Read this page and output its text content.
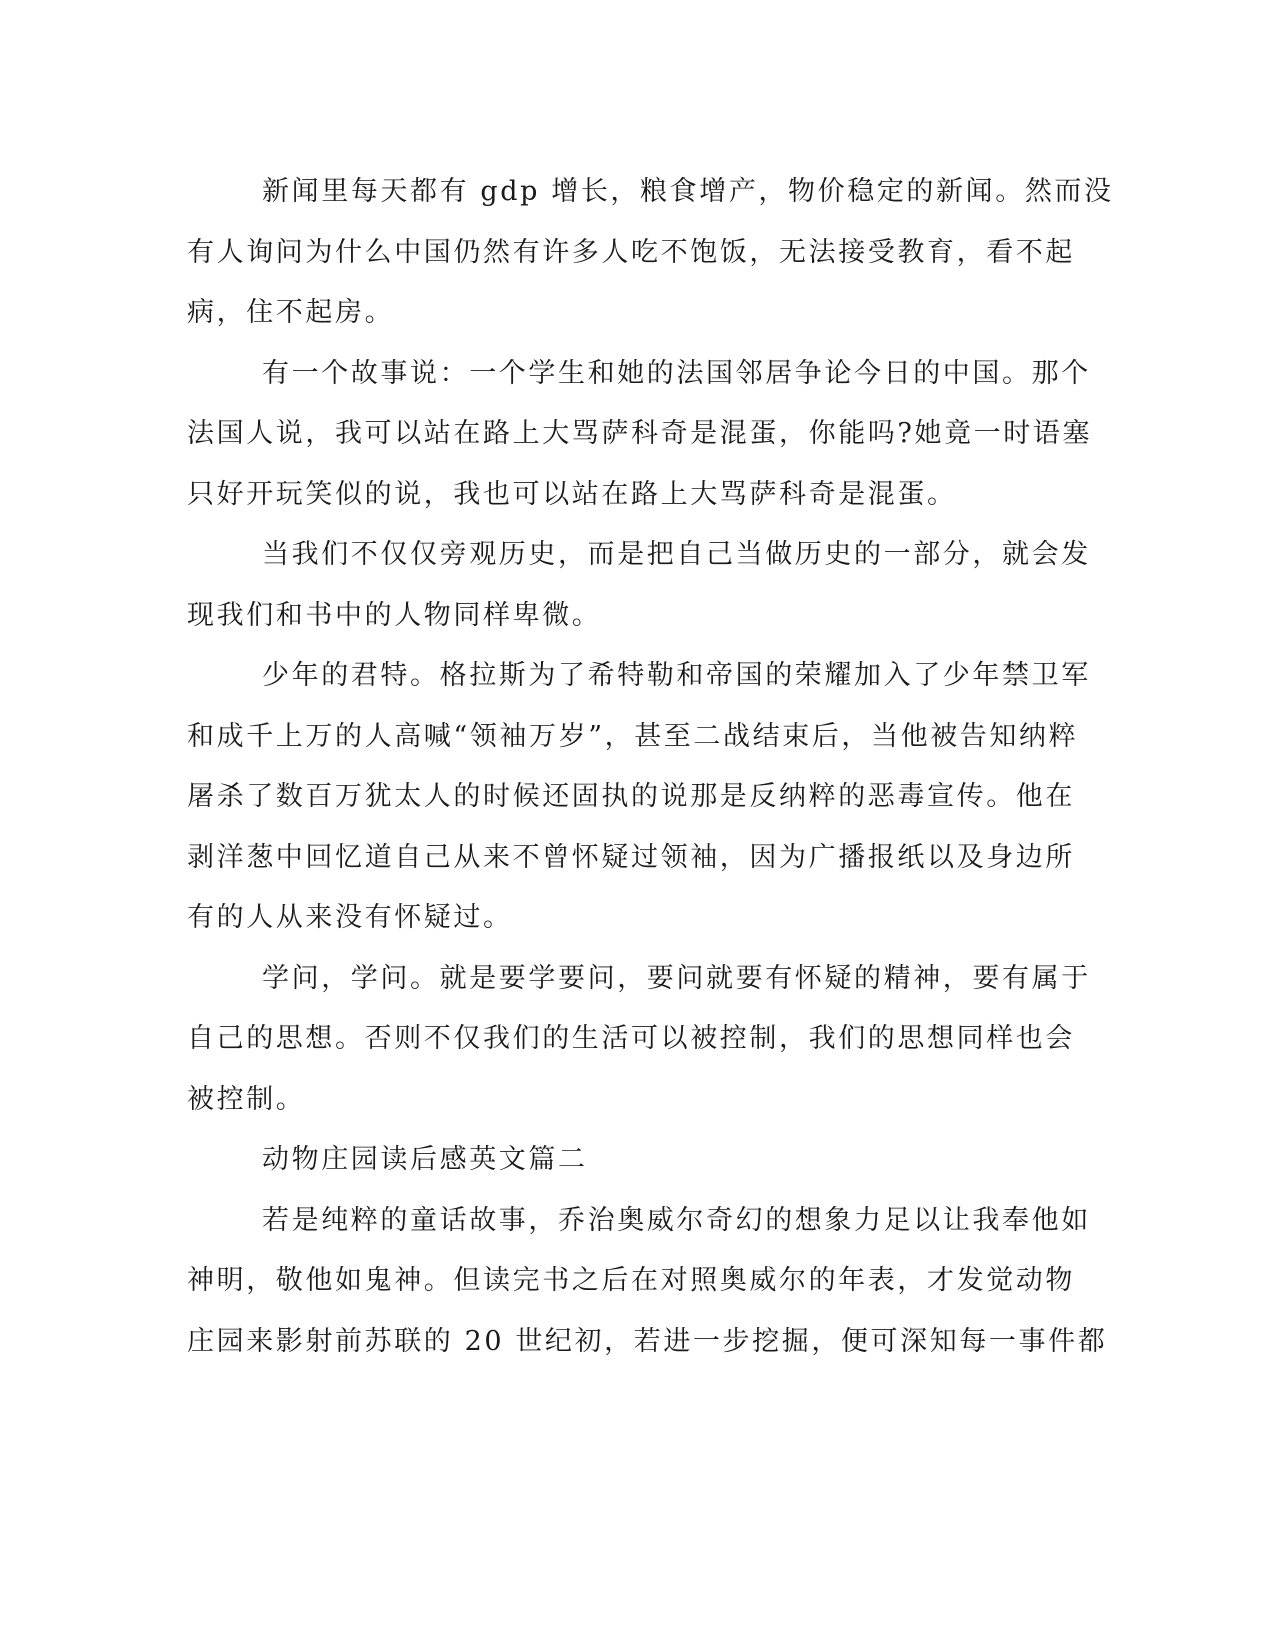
新闻里每天都有 gdp 增长，粮食增产，物价稳定的新闻。然而没
有人询问为什么中国仍然有许多人吃不饱饭，无法接受教育，看不起
病，住不起房。
有一个故事说：一个学生和她的法国邻居争论今日的中国。那个
法国人说，我可以站在路上大骂萨科奇是混蛋，你能吗?她竟一时语塞
只好开玩笑似的说，我也可以站在路上大骂萨科奇是混蛋。
当我们不仅仅旁观历史，而是把自己当做历史的一部分，就会发
现我们和书中的人物同样卑微。
少年的君特。格拉斯为了希特勒和帝国的荣耀加入了少年禁卫军
和成千上万的人高喊“领袖万岁”，甚至二战结束后，当他被告知纳粹
屠杀了数百万犹太人的时候还固执的说那是反纳粹的恶毒宣传。他在
剥洋葱中回忆道自己从来不曾怀疑过领袖，因为广播报纸以及身边所
有的人从来没有怀疑过。
学问，学问。就是要学要问，要问就要有怀疑的精神，要有属于
自己的思想。否则不仅我们的生活可以被控制，我们的思想同样也会
被控制。
动物庄园读后感英文篇二
若是纯粹的童话故事，乔治奥威尔奇幻的想象力足以让我奉他如
神明，敬他如鬼神。但读完书之后在对照奥威尔的年表，才发觉动物
庄园来影射前苏联的 20 世纪初，若进一步挖掘，便可深知每一事件都
